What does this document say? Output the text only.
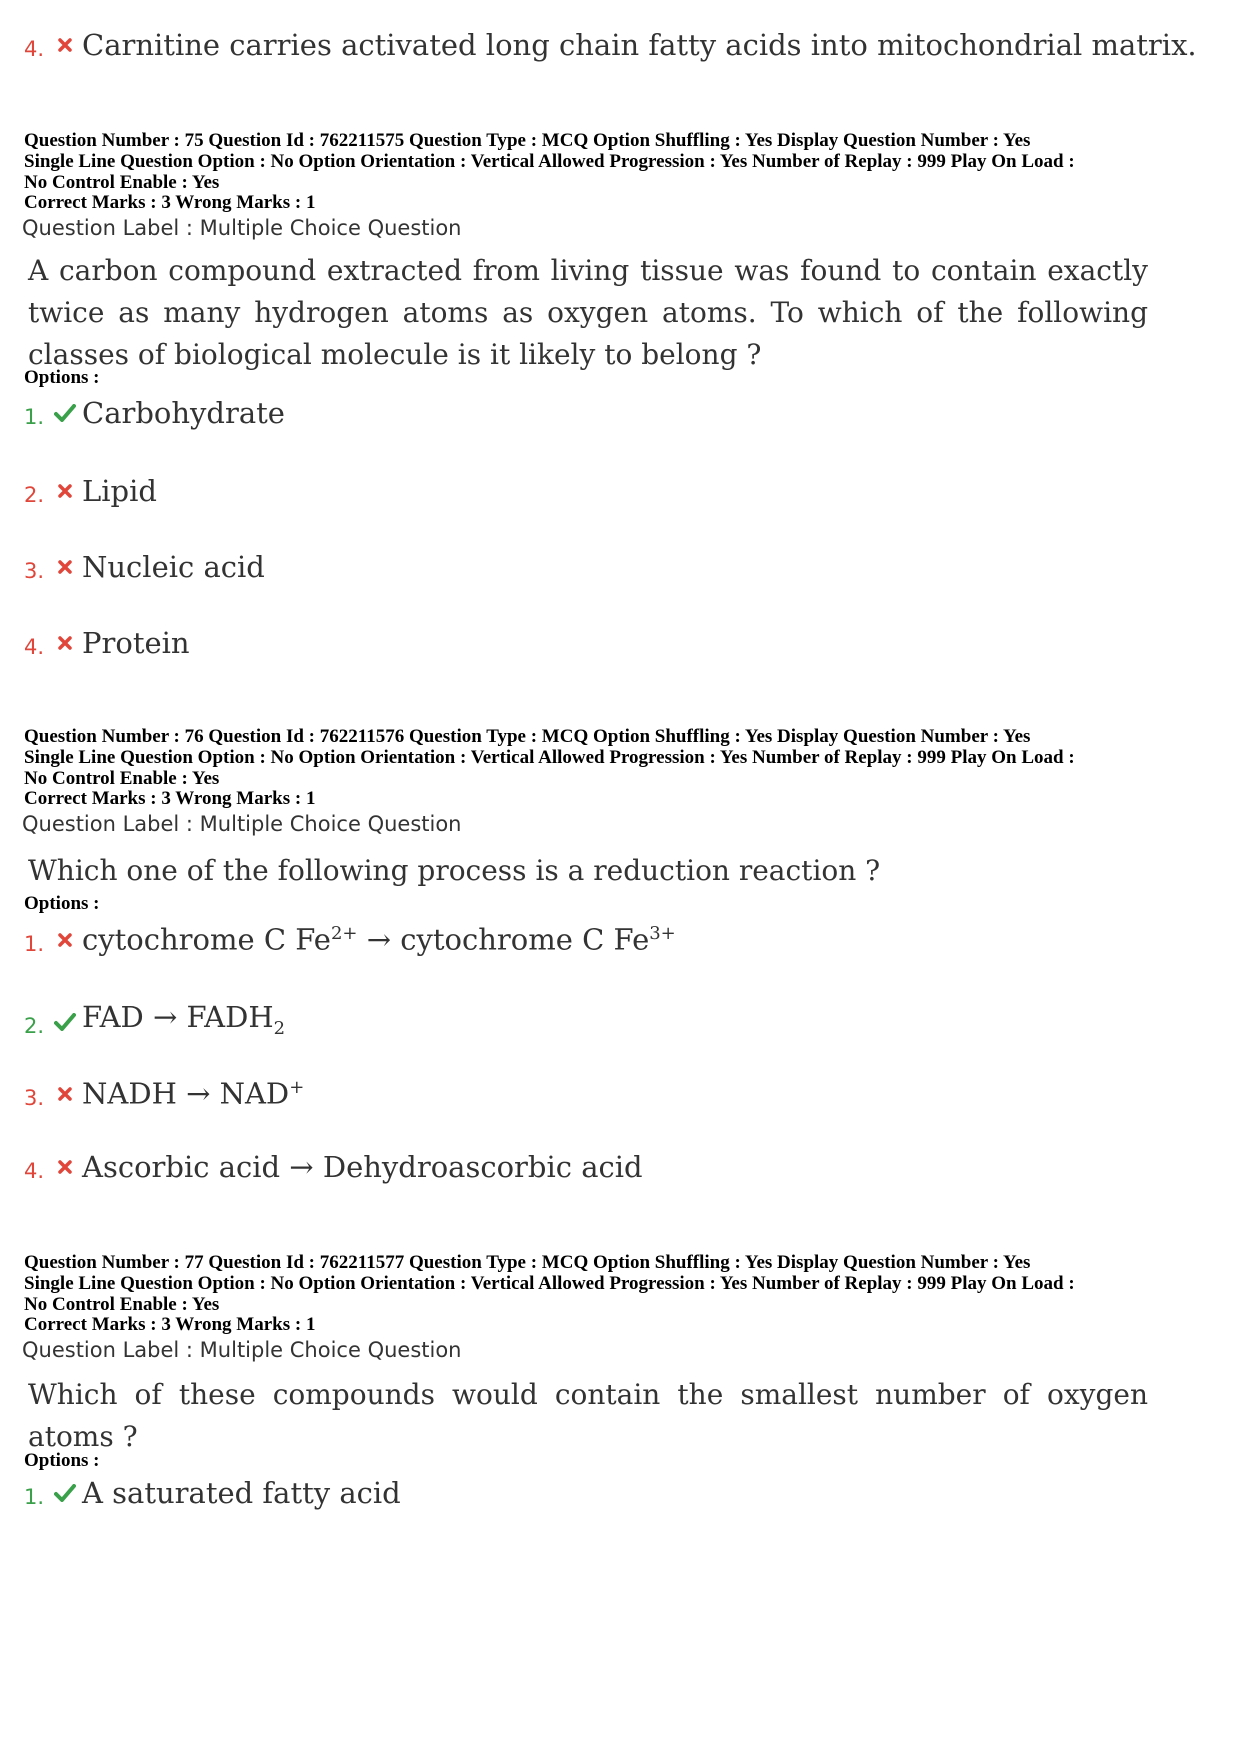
4. Carnitine carries activated long chain fatty acids into mitochondrial matrix.
Question Number : 75 Question Id : 762211575 Question Type : MCQ Option Shuffling : Yes Display Question Number : Yes
Single Line Question Option : No Option Orientation : Vertical Allowed Progression : Yes Number of Replay : 999 Play On Load :
No Control Enable : Yes
Correct Marks : 3 Wrong Marks : 1
Question Label : Multiple Choice Question
A carbon compound extracted from living tissue was found to contain exactly twice as many hydrogen atoms as oxygen atoms. To which of the following classes of biological molecule is it likely to belong ?
Options :
1. Carbohydrate
2. Lipid
3. Nucleic acid
4. Protein
Question Number : 76 Question Id : 762211576 Question Type : MCQ Option Shuffling : Yes Display Question Number : Yes
Single Line Question Option : No Option Orientation : Vertical Allowed Progression : Yes Number of Replay : 999 Play On Load :
No Control Enable : Yes
Correct Marks : 3 Wrong Marks : 1
Question Label : Multiple Choice Question
Which one of the following process is a reduction reaction ?
Options :
1. cytochrome C $Fe^{2+}$ → cytochrome C $Fe^{3+}$
2. FAD → $FADH_2$
3. NADH → NAD+
4. Ascorbic acid → Dehydroascorbic acid
Question Number : 77 Question Id : 762211577 Question Type : MCQ Option Shuffling : Yes Display Question Number : Yes
Single Line Question Option : No Option Orientation : Vertical Allowed Progression : Yes Number of Replay : 999 Play On Load :
No Control Enable : Yes
Correct Marks : 3 Wrong Marks : 1
Question Label : Multiple Choice Question
Which of these compounds would contain the smallest number of oxygen atoms ?
Options :
1. A saturated fatty acid
